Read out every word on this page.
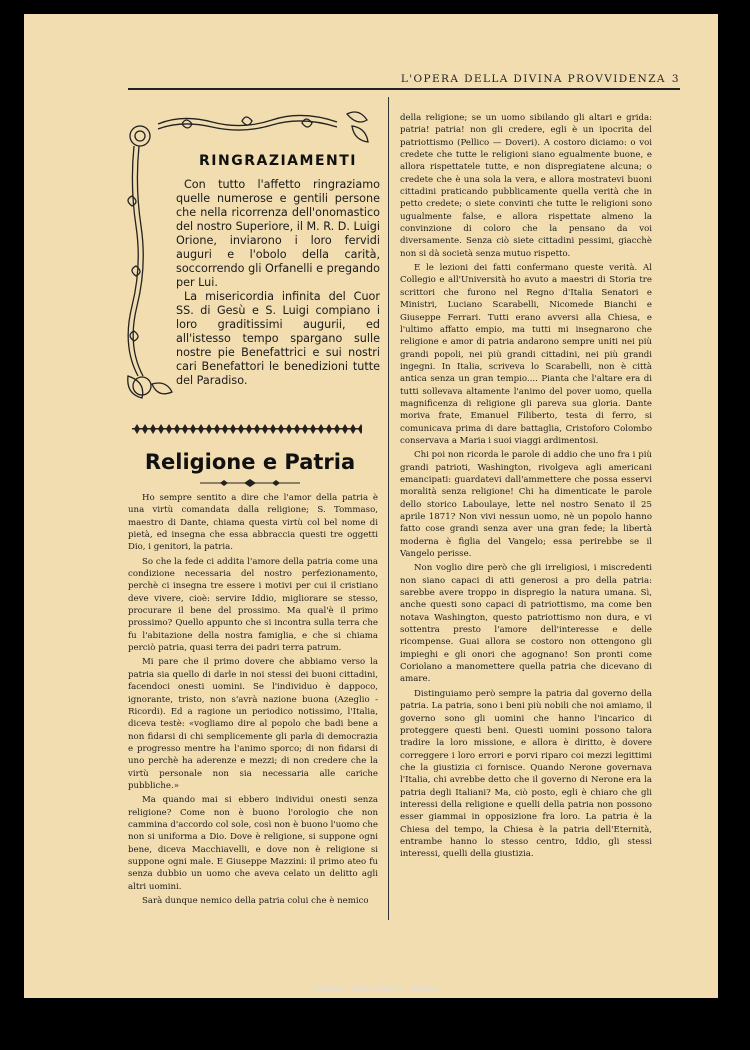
L'OPERA DELLA DIVINA PROVVIDENZA 3
RINGRAZIAMENTI

Con tutto l'affetto ringraziamo quelle numerose e gentili persone che nella ricorrenza dell'onomastico del nostro Superiore, il M. R. D. Luigi Orione, inviarono i loro fervidi auguri e l'obolo della carità, soccorrendo gli Orfanelli e pregando per Lui.

La misericordia infinita del Cuor SS. di Gesù e S. Luigi compiano i loro graditissimi augurii, ed all'istesso tempo spargano sulle nostre pie Benefattrici e sui nostri cari Benefattori le benedizioni tutte del Paradiso.

Religione e Patria

Ho sempre sentito a dire che l'amor della patria è una virtù comandata dalla religione; S. Tommaso, maestro di Dante, chiama questa virtù col bel nome di pietà, ed insegna che essa abbraccia questi tre oggetti Dio, i genitori, la patria.

So che la fede ci addita l'amore della patria come una condizione necessaria del nostro perfezionamento, perchè ci insegna tre essere i motivi per cui il cristiano deve vivere, cioè: servire Iddio, migliorare se stesso, procurare il bene del prossimo. Ma qual'è il primo prossimo? Quello appunto che si incontra sulla terra che fu l'abitazione della nostra famiglia, e che si chiama perciò patria, quasi terra dei padri terra patrum.

Mi pare che il primo dovere che abbiamo verso la patria sia quello di darle in noi stessi dei buoni cittadini, facendoci onesti uomini. Se l'individuo è dappoco, ignorante, tristo, non s'avrà nazione buona (Azeglio - Ricordi). Ed a ragione un periodico notissimo, l'Italia, diceva testè: «vogliamo dire al popolo che badi bene a non fidarsi di chi semplicemente gli parla di democrazia e progresso mentre ha l'animo sporco; di non fidarsi di uno perchè ha aderenze e mezzi; di non credere che la virtù personale non sia necessaria alle cariche pubbliche.»

Ma quando mai si ebbero individui onesti senza religione? Come non è buono l'orologio che non cammina d'accordo col sole, così non è buono l'uomo che non si uniforma a Dio. Dove è religione, si suppone ogni bene, diceva Macchiavelli, e dove non è religione si suppone ogni male. E Giuseppe Mazzini: il primo ateo fu senza dubbio un uomo che aveva celato un delitto agli altri uomini.

Sarà dunque nemico della patria colui che è nemico

della religione; se un uomo sibilando gli altari e grida: patria! patria! non gli credere, egli è un ipocrita del patriottismo (Pellico — Doveri). A costoro diciamo: o voi credete che tutte le religioni siano egualmente buone, e allora rispettatele tutte, e non dispregiatene alcuna; o credete che è una sola la vera, e allora mostratevi buoni cittadini praticando pubblicamente quella verità che in petto credete; o siete convinti che tutte le religioni sono ugualmente false, e allora rispettate almeno la convinzione di coloro che la pensano da voi diversamente. Senza ciò siete cittadini pessimi, giacchè non si dà società senza mutuo rispetto.

E le lezioni dei fatti confermano queste verità. Al Collegio e all'Università ho avuto a maestri di Storia tre scrittori che furono nel Regno d'Italia Senatori e Ministri, Luciano Scarabelli, Nicomede Bianchi e Giuseppe Ferrari. Tutti erano avversi alla Chiesa, e l'ultimo affatto empio, ma tutti mi insegnarono che religione e amor di patria andarono sempre uniti nei più grandi popoli, nei più grandi cittadini, nei più grandi ingegni. In Italia, scriveva lo Scarabelli, non è città antica senza un gran tempio.... Pianta che l'altare era di tutti sollevava altamente l'animo del pover uomo, quella magnificenza di religione gli pareva sua gloria. Dante moriva frate, Emanuel Filiberto, testa di ferro, si comunicava prima di dare battaglia, Cristoforo Colombo conservava a Maria i suoi viaggi ardimentosi.

Chi poi non ricorda le parole di addio che uno fra i più grandi patrioti, Washington, rivolgeva agli americani emancipati: guardatevi dall'ammettere che possa esservi moralità senza religione! Chi ha dimenticate le parole dello storico Laboulaye, lette nel nostro Senato il 25 aprile 1871? Non vivi nessun uomo, nè un popolo hanno fatto cose grandi senza aver una gran fede; la libertà moderna è figlia del Vangelo; essa perirebbe se il Vangelo perisse.

Non voglio dire però che gli irreligiosi, i miscredenti non siano capaci di atti generosi a pro della patria: sarebbe avere troppo in dispregio la natura umana. Sì, anche questi sono capaci di patriottismo, ma come ben notava Washington, questo patriottismo non dura, e vi sottentra presto l'amore dell'interesse e delle ricompense. Guai allora se costoro non ottengono gli impieghi e gli onori che agognano! Son pronti come Coriolano a manomettere quella patria che dicevano di amare.

Distinguiamo però sempre la patria dal governo della patria. La patria, sono i beni più nobili che noi amiamo, il governo sono gli uomini che hanno l'incarico di proteggere questi beni. Questi uomini possono talora tradire la loro missione, e allora è diritto, è dovere correggere i loro errori e porvi riparo coi mezzi legittimi che la giustizia ci fornisce. Quando Nerone governava l'Italia, chi avrebbe detto che il governo di Nerone era la patria degli Italiani? Ma, ciò posto, egli è chiaro che gli interessi della religione e quelli della patria non possono esser giammai in opposizione fra loro. La patria è la Chiesa del tempo, la Chiesa è la patria dell'Eternità, entrambe hanno lo stesso centro, Iddio, gli stessi interessi, quelli della giustizia.

Archivio Don Orione - Roma
